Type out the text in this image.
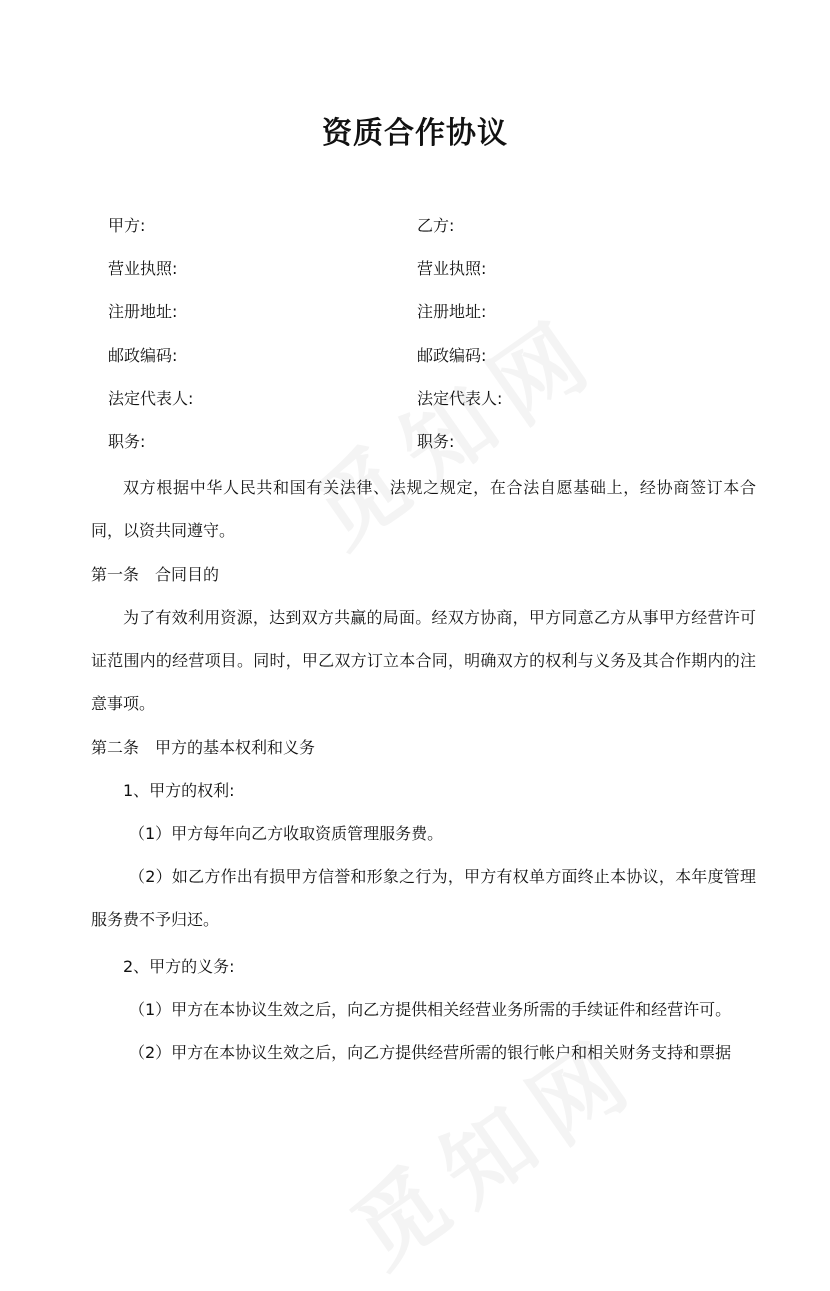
资质合作协议
甲方:	乙方:
营业执照:	营业执照:
注册地址:	注册地址:
邮政编码:	邮政编码:
法定代表人:	法定代表人:
职务:	职务:
双方根据中华人民共和国有关法律、法规之规定，在合法自愿基础上，经协商签订本合同，以资共同遵守。
第一条　合同目的
为了有效利用资源，达到双方共赢的局面。经双方协商，甲方同意乙方从事甲方经营许可证范围内的经营项目。同时，甲乙双方订立本合同，明确双方的权利与义务及其合作期内的注意事项。
第二条　甲方的基本权利和义务
1、甲方的权利:
（1）甲方每年向乙方收取资质管理服务费。
（2）如乙方作出有损甲方信誉和形象之行为，甲方有权单方面终止本协议，本年度管理服务费不予归还。
2、甲方的义务:
（1）甲方在本协议生效之后，向乙方提供相关经营业务所需的手续证件和经营许可。
（2）甲方在本协议生效之后，向乙方提供经营所需的银行帐户和相关财务支持和票据
